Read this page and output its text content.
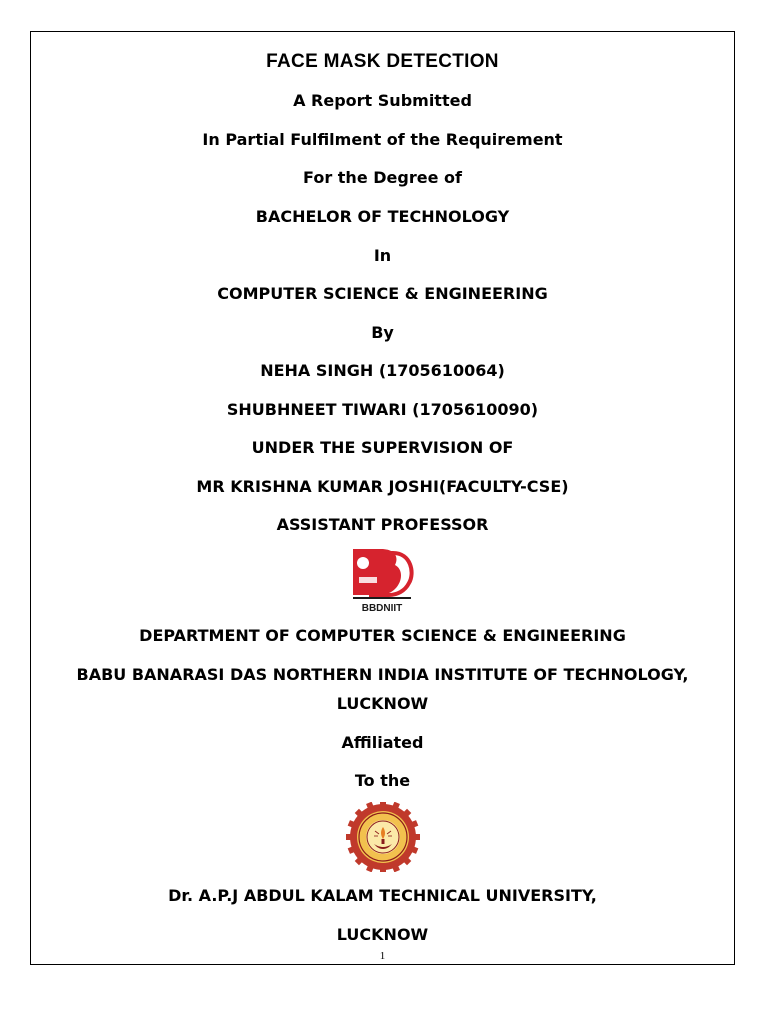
FACE MASK DETECTION
A Report Submitted
In Partial Fulfilment of the Requirement
For the Degree of
BACHELOR OF TECHNOLOGY
In
COMPUTER SCIENCE & ENGINEERING
By
NEHA SINGH (1705610064)
SHUBHNEET TIWARI (1705610090)
UNDER THE SUPERVISION OF
MR KRISHNA KUMAR JOSHI(FACULTY-CSE)
ASSISTANT PROFESSOR
BBDNIIT
DEPARTMENT OF COMPUTER SCIENCE & ENGINEERING
BABU BANARASI DAS NORTHERN INDIA INSTITUTE OF TECHNOLOGY,
LUCKNOW
Affiliated
To the
Dr. A.P.J ABDUL KALAM TECHNICAL UNIVERSITY,
LUCKNOW
1
